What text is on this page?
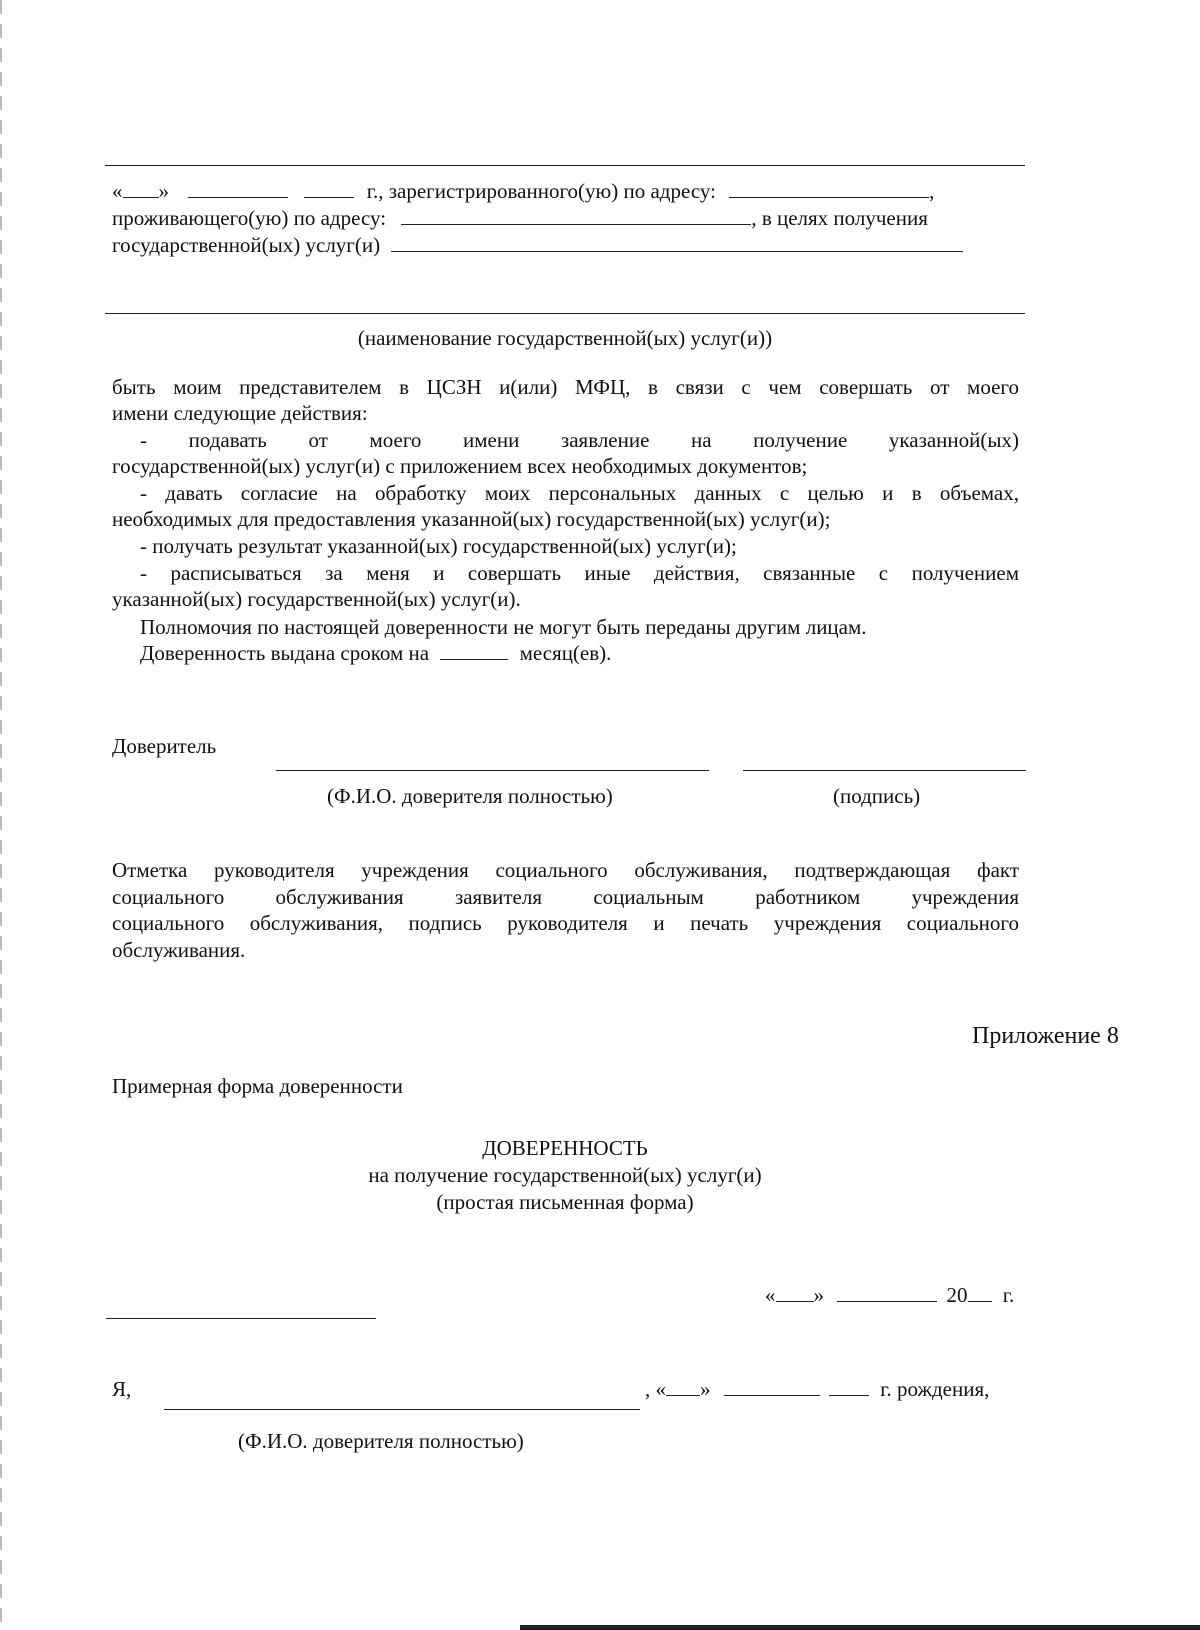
« »	г., зарегистрированного(ую) по адресу:	,
проживающего(ую) по адресу:	, в целях получения
государственной(ых) услуг(и)
(наименование государственной(ых) услуг(и))
быть моим представителем в ЦСЗН и(или) МФЦ, в связи с чем совершать от моего
имени следующие действия:
- подавать от моего имени заявление на получение указанной(ых)
государственной(ых) услуг(и) с приложением всех необходимых документов;
- давать согласие на обработку моих персональных данных с целью и в объемах,
необходимых для предоставления указанной(ых) государственной(ых) услуг(и);
- получать результат указанной(ых) государственной(ых) услуг(и);
- расписываться за меня и совершать иные действия, связанные с получением
указанной(ых) государственной(ых) услуг(и).
Полномочия по настоящей доверенности не могут быть переданы другим лицам.
Доверенность выдана сроком на	месяц(ев).
Доверитель
(Ф.И.О. доверителя полностью)	(подпись)
Отметка руководителя учреждения социального обслуживания, подтверждающая факт
социального обслуживания заявителя социальным работником учреждения
социального обслуживания, подпись руководителя и печать учреждения социального
обслуживания.
Приложение 8
Примерная форма доверенности
ДОВЕРЕННОСТЬ
на получение государственной(ых) услуг(и)
(простая письменная форма)
« »	20 г.
Я,	, « »	г. рождения,
(Ф.И.О. доверителя полностью)
